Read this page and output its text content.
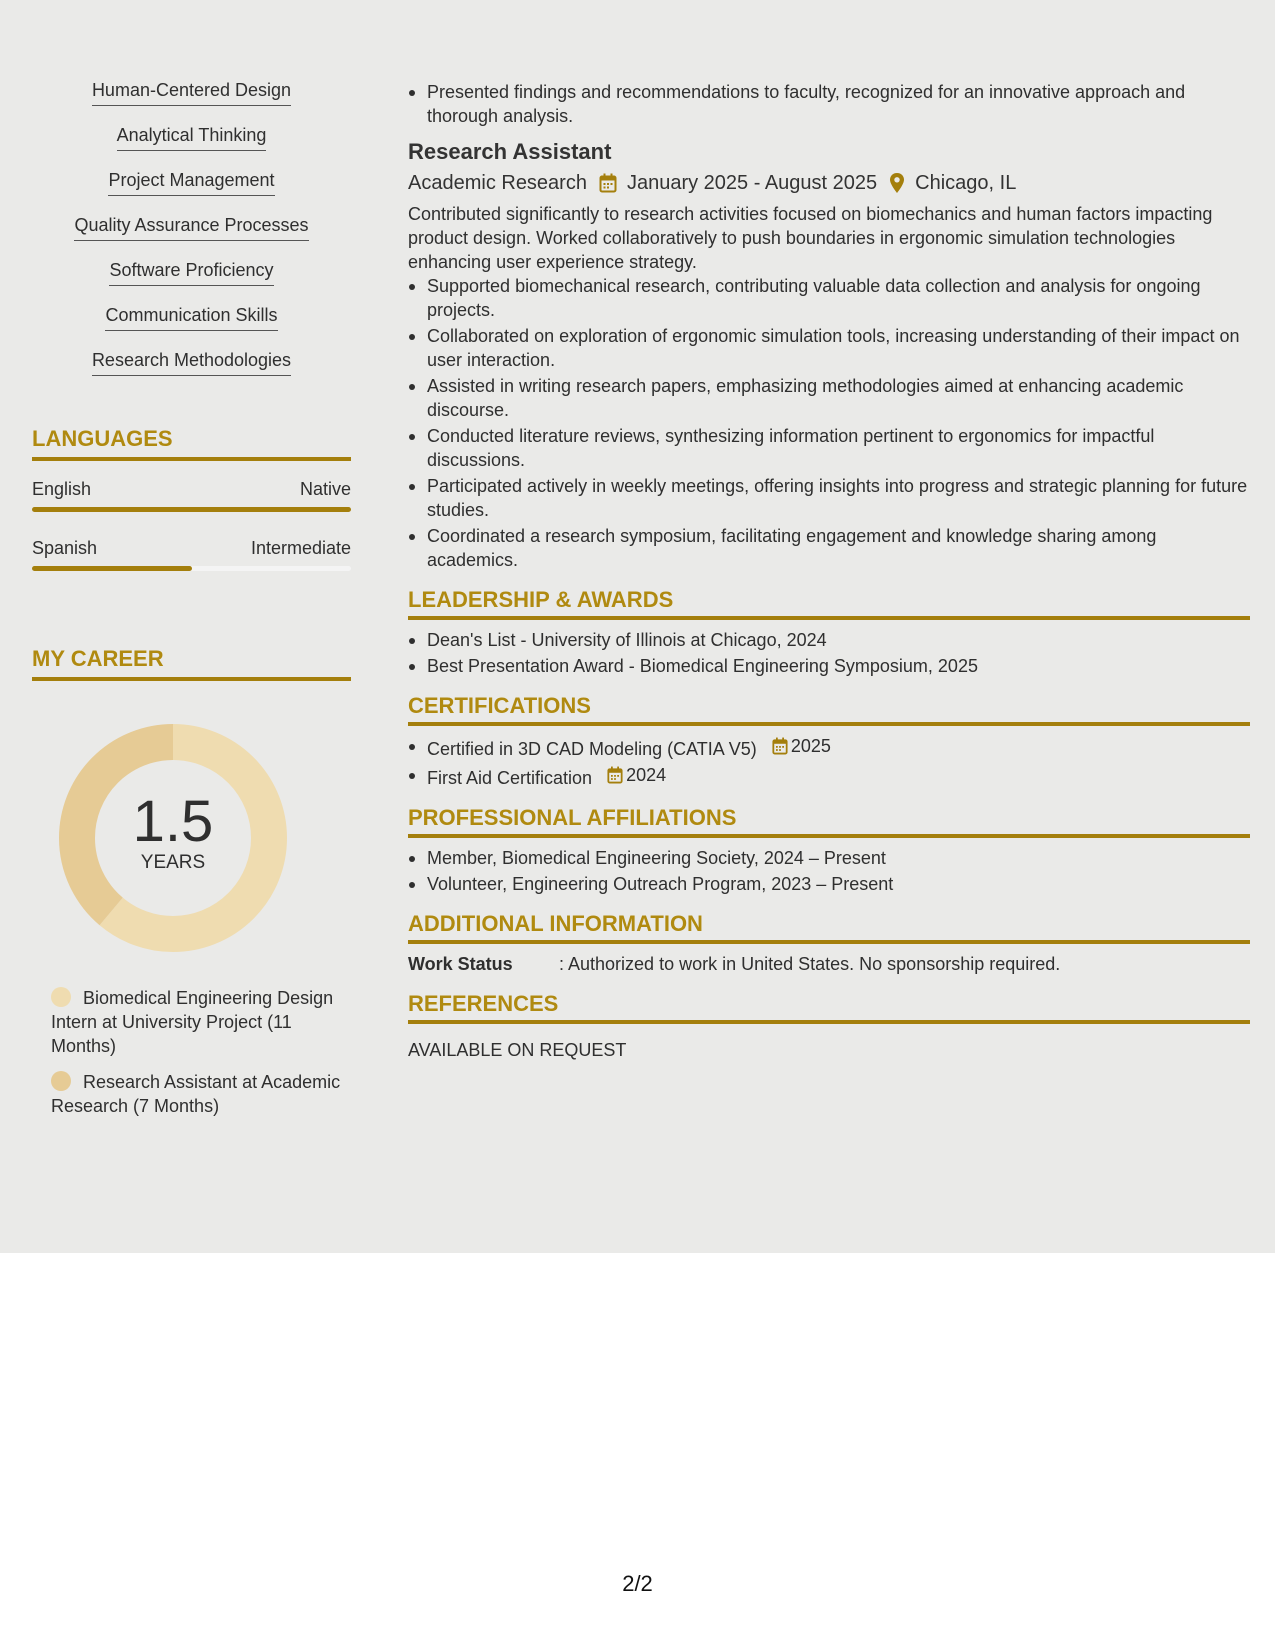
Human-Centered Design
Analytical Thinking
Project Management
Quality Assurance Processes
Software Proficiency
Communication Skills
Research Methodologies
LANGUAGES
English	Native
Spanish	Intermediate
MY CAREER
1.5
YEARS
Biomedical Engineering Design Intern at University Project (11 Months)
Research Assistant at Academic Research (7 Months)
Presented findings and recommendations to faculty, recognized for an innovative approach and thorough analysis.
Research Assistant
Academic Research January 2025 - August 2025 Chicago, IL
Contributed significantly to research activities focused on biomechanics and human factors impacting product design. Worked collaboratively to push boundaries in ergonomic simulation technologies enhancing user experience strategy.
Supported biomechanical research, contributing valuable data collection and analysis for ongoing projects.
Collaborated on exploration of ergonomic simulation tools, increasing understanding of their impact on user interaction.
Assisted in writing research papers, emphasizing methodologies aimed at enhancing academic discourse.
Conducted literature reviews, synthesizing information pertinent to ergonomics for impactful discussions.
Participated actively in weekly meetings, offering insights into progress and strategic planning for future studies.
Coordinated a research symposium, facilitating engagement and knowledge sharing among academics.
LEADERSHIP & AWARDS
Dean's List - University of Illinois at Chicago, 2024
Best Presentation Award - Biomedical Engineering Symposium, 2025
CERTIFICATIONS
Certified in 3D CAD Modeling (CATIA V5) 2025
First Aid Certification 2024
PROFESSIONAL AFFILIATIONS
Member, Biomedical Engineering Society, 2024 – Present
Volunteer, Engineering Outreach Program, 2023 – Present
ADDITIONAL INFORMATION
Work Status	: Authorized to work in United States. No sponsorship required.
REFERENCES
AVAILABLE ON REQUEST
2/2
